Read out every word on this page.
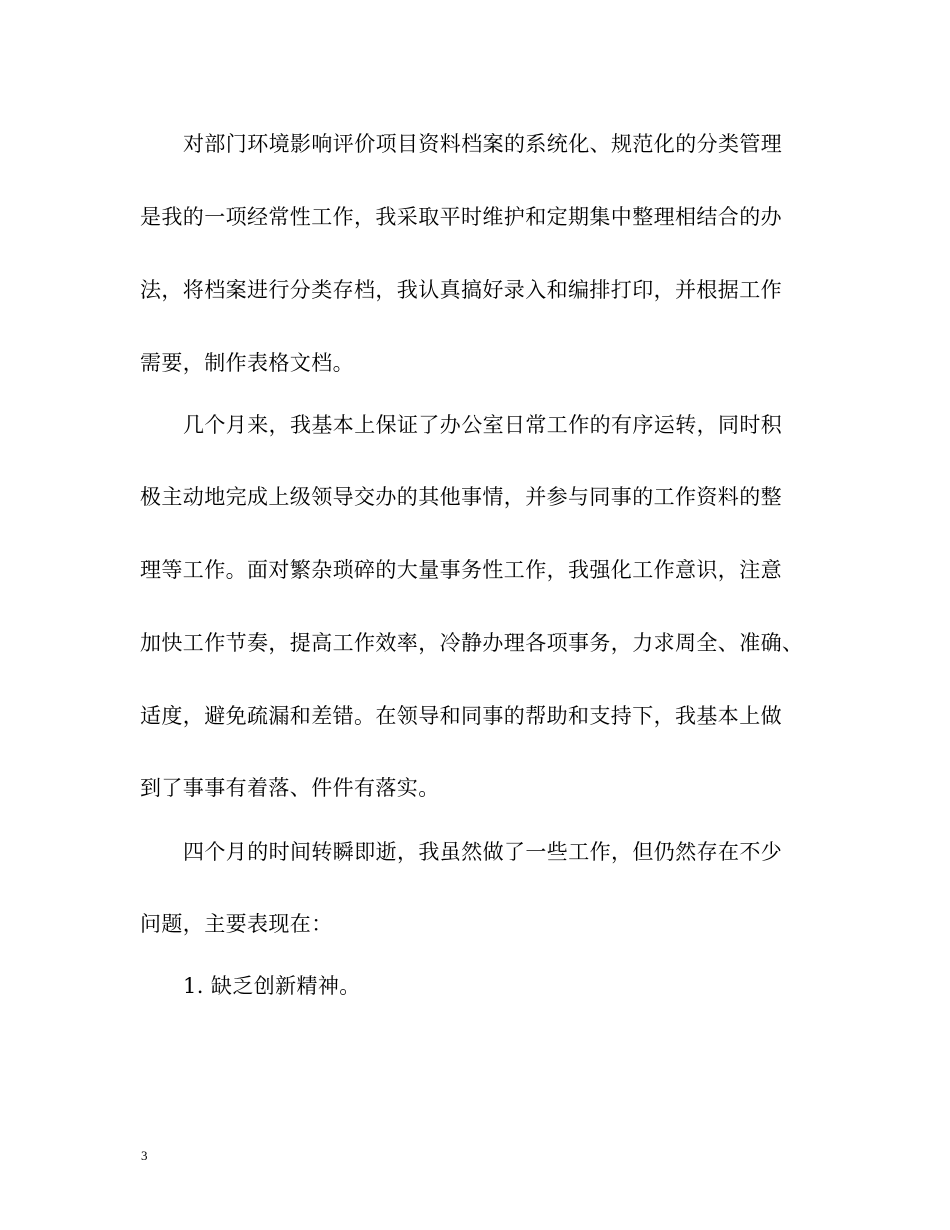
对部门环境影响评价项目资料档案的系统化、规范化的分类管理
是我的一项经常性工作，我采取平时维护和定期集中整理相结合的办
法，将档案进行分类存档，我认真搞好录入和编排打印，并根据工作
需要，制作表格文档。
几个月来，我基本上保证了办公室日常工作的有序运转，同时积
极主动地完成上级领导交办的其他事情，并参与同事的工作资料的整
理等工作。面对繁杂琐碎的大量事务性工作，我强化工作意识，注意
加快工作节奏，提高工作效率，冷静办理各项事务，力求周全、准确、
适度，避免疏漏和差错。在领导和同事的帮助和支持下，我基本上做
到了事事有着落、件件有落实。
四个月的时间转瞬即逝，我虽然做了一些工作，但仍然存在不少
问题，主要表现在：
1. 缺乏创新精神。
3
